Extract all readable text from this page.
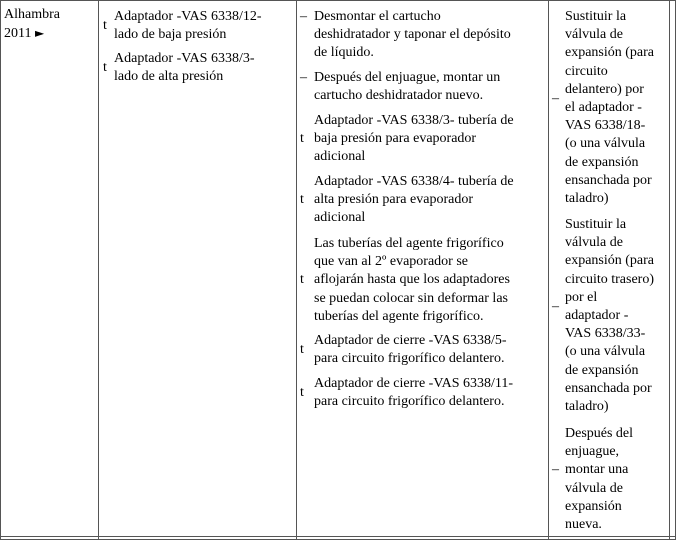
Alhambra
2011 ►
t
Adaptador -VAS 6338/12-
lado de baja presión
t
Adaptador -VAS 6338/3-
lado de alta presión
– Desmontar el cartucho
deshidratador y taponar el depósito
de líquido.
– Después del enjuague, montar un
cartucho deshidratador nuevo.
t
Adaptador -VAS 6338/3- tubería de
baja presión para evaporador
adicional
t
Adaptador -VAS 6338/4- tubería de
alta presión para evaporador
adicional
t
Las tuberías del agente frigorífico
que van al 2º evaporador se
aflojarán hasta que los adaptadores
se puedan colocar sin deformar las
tuberías del agente frigorífico.
t
Adaptador de cierre -VAS 6338/5-
para circuito frigorífico delantero.
t
Adaptador de cierre -VAS 6338/11-
para circuito frigorífico delantero.
–
Sustituir la
válvula de
expansión (para
circuito
delantero) por
el adaptador -
VAS 6338/18-
(o una válvula
de expansión
ensanchada por
taladro)
–
Sustituir la
válvula de
expansión (para
circuito trasero)
por el
adaptador -
VAS 6338/33-
(o una válvula
de expansión
ensanchada por
taladro)
–
Después del
enjuague,
montar una
válvula de
expansión
nueva.
